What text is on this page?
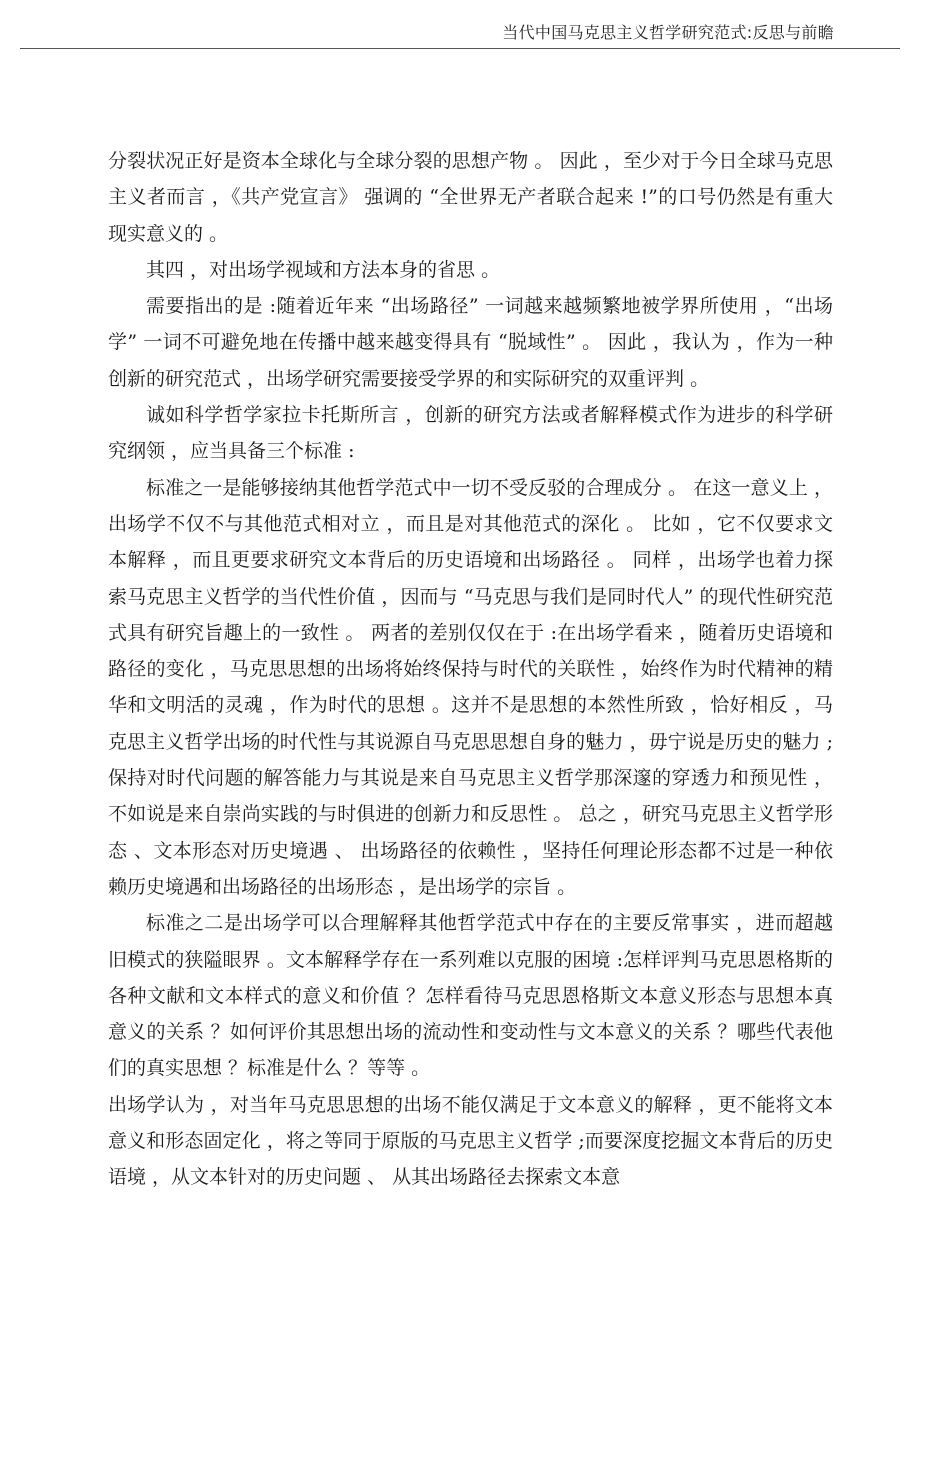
当代中国马克思主义哲学研究范式:反思与前瞻

分裂状况正好是资本全球化与全球分裂的思想产物 。 因此 ，至少对于今日全球马克思主义者而言 ，《共产党宣言》 强调的 “全世界无产者联合起来 !”的口号仍然是有重大现实意义的 。

其四 ，对出场学视域和方法本身的省思 。

需要指出的是 :随着近年来 “出场路径” 一词越来越频繁地被学界所使用 ，“出场学” 一词不可避免地在传播中越来越变得具有 “脱域性” 。 因此 ，我认为 ，作为一种创新的研究范式 ，出场学研究需要接受学界的和实际研究的双重评判 。

诚如科学哲学家拉卡托斯所言 ，创新的研究方法或者解释模式作为进步的科学研究纲领 ，应当具备三个标准 :

标准之一是能够接纳其他哲学范式中一切不受反驳的合理成分 。 在这一意义上 ，出场学不仅不与其他范式相对立 ，而且是对其他范式的深化 。 比如 ，它不仅要求文本解释 ，而且更要求研究文本背后的历史语境和出场路径 。 同样 ，出场学也着力探索马克思主义哲学的当代性价值 ，因而与 “马克思与我们是同时代人” 的现代性研究范式具有研究旨趣上的一致性 。 两者的差别仅仅在于 :在出场学看来 ，随着历史语境和路径的变化 ，马克思思想的出场将始终保持与时代的关联性 ，始终作为时代精神的精华和文明活的灵魂 ，作为时代的思想 。这并不是思想的本然性所致 ，恰好相反 ，马克思主义哲学出场的时代性与其说源自马克思思想自身的魅力 ，毋宁说是历史的魅力 ;保持对时代问题的解答能力与其说是来自马克思主义哲学那深邃的穿透力和预见性 ，不如说是来自崇尚实践的与时俱进的创新力和反思性 。 总之 ，研究马克思主义哲学形态 、文本形态对历史境遇 、 出场路径的依赖性 ，坚持任何理论形态都不过是一种依赖历史境遇和出场路径的出场形态 ，是出场学的宗旨 。

标准之二是出场学可以合理解释其他哲学范式中存在的主要反常事实 ，进而超越旧模式的狭隘眼界 。文本解释学存在一系列难以克服的困境 :怎样评判马克思恩格斯的各种文献和文本样式的意义和价值 ？怎样看待马克思恩格斯文本意义形态与思想本真意义的关系 ？如何评价其思想出场的流动性和变动性与文本意义的关系 ？哪些代表他们的真实思想 ？标准是什么 ？等等 。

出场学认为 ，对当年马克思思想的出场不能仅满足于文本意义的解释 ，更不能将文本意义和形态固定化 ，将之等同于原版的马克思主义哲学 ;而要深度挖掘文本背后的历史语境 ，从文本针对的历史问题 、 从其出场路径去探索文本意
